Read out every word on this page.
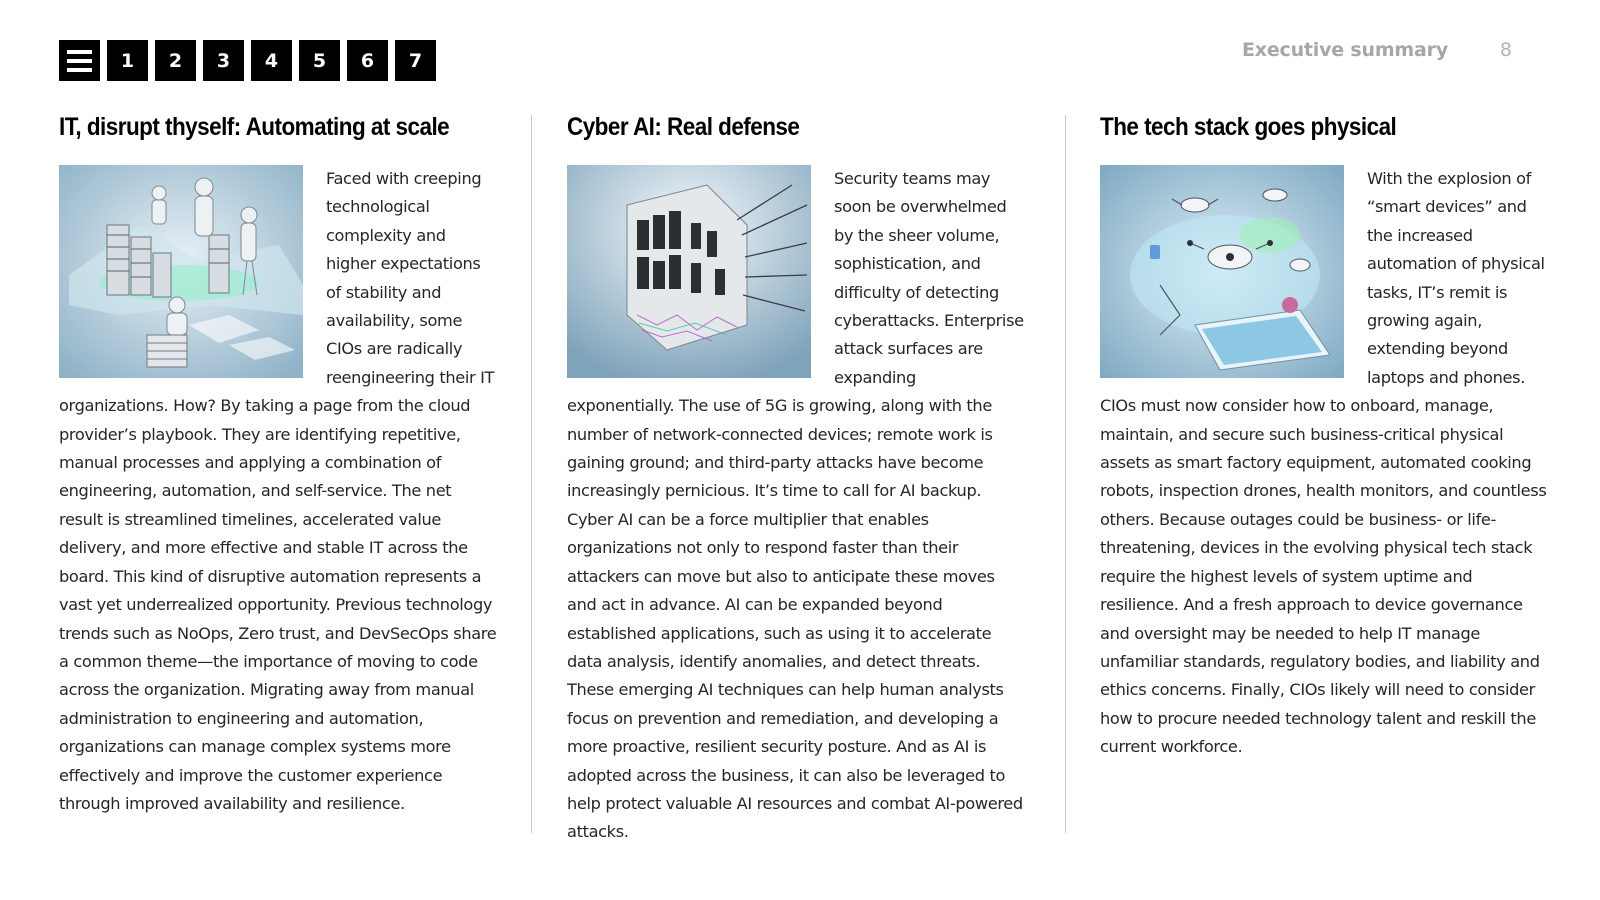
1	2	3	4	5	6	7	Executive summary	8
IT, disrupt thyself: Automating at scale

Faced with creeping technological complexity and higher expectations of stability and availability, some CIOs are radically reengineering their IT organizations. How? By taking a page from the cloud provider’s playbook. They are identifying repetitive, manual processes and applying a combination of engineering, automation, and self-service. The net result is streamlined timelines, accelerated value delivery, and more effective and stable IT across the board. This kind of disruptive automation represents a vast yet underrealized opportunity. Previous technology trends such as NoOps, Zero trust, and DevSecOps share a common theme—the importance of moving to code across the organization. Migrating away from manual administration to engineering and automation, organizations can manage complex systems more effectively and improve the customer experience through improved availability and resilience.

Cyber AI: Real defense

Security teams may soon be overwhelmed by the sheer volume, sophistication, and difficulty of detecting cyberattacks. Enterprise attack surfaces are expanding exponentially. The use of 5G is growing, along with the number of network-connected devices; remote work is gaining ground; and third-party attacks have become increasingly pernicious. It’s time to call for AI backup. Cyber AI can be a force multiplier that enables organizations not only to respond faster than their attackers can move but also to anticipate these moves and act in advance. AI can be expanded beyond established applications, such as using it to accelerate data analysis, identify anomalies, and detect threats. These emerging AI techniques can help human analysts focus on prevention and remediation, and developing a more proactive, resilient security posture. And as AI is adopted across the business, it can also be leveraged to help protect valuable AI resources and combat AI-powered attacks.

The tech stack goes physical

With the explosion of “smart devices” and the increased automation of physical tasks, IT’s remit is growing again, extending beyond laptops and phones. CIOs must now consider how to onboard, manage, maintain, and secure such business-critical physical assets as smart factory equipment, automated cooking robots, inspection drones, health monitors, and countless others. Because outages could be business- or life-threatening, devices in the evolving physical tech stack require the highest levels of system uptime and resilience. And a fresh approach to device governance and oversight may be needed to help IT manage unfamiliar standards, regulatory bodies, and liability and ethics concerns. Finally, CIOs likely will need to consider how to procure needed technology talent and reskill the current workforce.
